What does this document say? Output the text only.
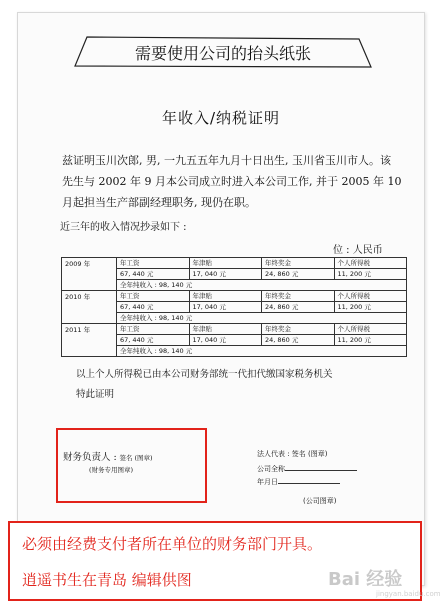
需要使用公司的抬头纸张
年收入/纳税证明

兹证明玉川次郎, 男, 一九五五年九月十日出生, 玉川省玉川市人。该

先生与 2002 年 9 月本公司成立时进入本公司工作, 并于 2005 年 10

月起担当生产部副经理职务, 现仍在职。

近三年的收入情况抄录如下 :
位 : 人民币
2009 年	年工资	年津贴	年终奖金	个人所得税
	67, 440 元	17, 040 元	24, 860 元	11, 200 元
	全年纯收入 : 98, 140 元			
2010 年	年工资	年津贴	年终奖金	个人所得税
	67, 440 元	17, 040 元	24, 860 元	11, 200 元
	全年纯收入 : 98, 140 元			
2011 年	年工资	年津贴	年终奖金	个人所得税
	67, 440 元	17, 040 元	24, 860 元	11, 200 元
	全年纯收入 : 98, 140 元			

以上个人所得税已由本公司财务部统一代扣代缴国家税务机关

特此证明

财务负责人 : 签名 (图章)
(财务专用图章)
法人代表 : 签名 (图章)
公司全称
年月日
(公司图章)
必须由经费支付者所在单位的财务部门开具。
逍遥书生在青岛 编辑供图	Bai 经验
jingyan.baidu.com
